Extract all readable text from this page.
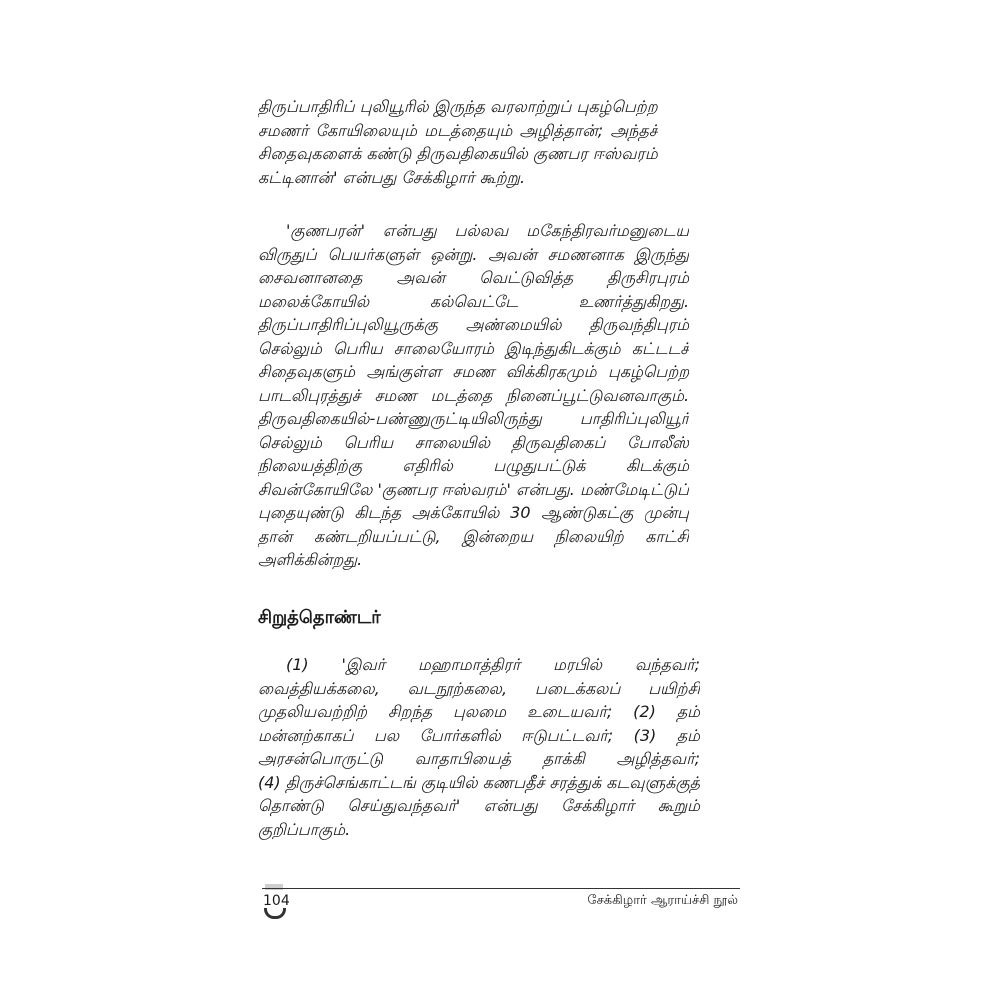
திருப்பாதிரிப் புலியூரில் இருந்த வரலாற்றுப் புகழ்பெற்ற
சமணர் கோயிலையும் மடத்தையும் அழித்தான்; அந்தச்
சிதைவுகளைக் கண்டு திருவதிகையில் குணபர ஈஸ்வரம்
கட்டினான்' என்பது சேக்கிழார் கூற்று.
'குணபரன்' என்பது பல்லவ மகேந்திரவர்மனுடைய
விருதுப் பெயர்களுள் ஒன்று. அவன் சமணனாக இருந்து
சைவனானதை அவன் வெட்டுவித்த திருசிரபுரம்
மலைக்கோயில் கல்வெட்டே உணர்த்துகிறது.
திருப்பாதிரிப்புலியூருக்கு அண்மையில் திருவந்திபுரம்
செல்லும் பெரிய சாலையோரம் இடிந்துகிடக்கும் கட்டடச்
சிதைவுகளும் அங்குள்ள சமண விக்கிரகமும் புகழ்பெற்ற
பாடலிபுரத்துச் சமண மடத்தை நினைப்பூட்டுவனவாகும்.
திருவதிகையில்-பண்ணுருட்டியிலிருந்து பாதிரிப்புலியூர்
செல்லும் பெரிய சாலையில் திருவதிகைப் போலீஸ்
நிலையத்திற்கு எதிரில் பழுதுபட்டுக் கிடக்கும்
சிவன்கோயிலே 'குணபர ஈஸ்வரம்' என்பது. மண்மேடிட்டுப்
புதையுண்டு கிடந்த அக்கோயில் 30 ஆண்டுகட்கு முன்பு
தான் கண்டறியப்பட்டு, இன்றைய நிலையிற் காட்சி
அளிக்கின்றது.
சிறுத்தொண்டர்
(1) 'இவர் மஹாமாத்திரர் மரபில் வந்தவர்;
வைத்தியக்கலை, வடநூற்கலை, படைக்கலப் பயிற்சி
முதலியவற்றிற் சிறந்த புலமை உடையவர்; (2) தம்
மன்னற்காகப் பல போர்களில் ஈடுபட்டவர்; (3) தம்
அரசன்பொருட்டு வாதாபியைத் தாக்கி அழித்தவர்;
(4) திருச்செங்காட்டங் குடியில் கணபதீச் சரத்துக் கடவுளுக்குத்
தொண்டு செய்துவந்தவர்' என்பது சேக்கிழார் கூறும்
குறிப்பாகும்.
104	சேக்கிழார் ஆராய்ச்சி நூல்
